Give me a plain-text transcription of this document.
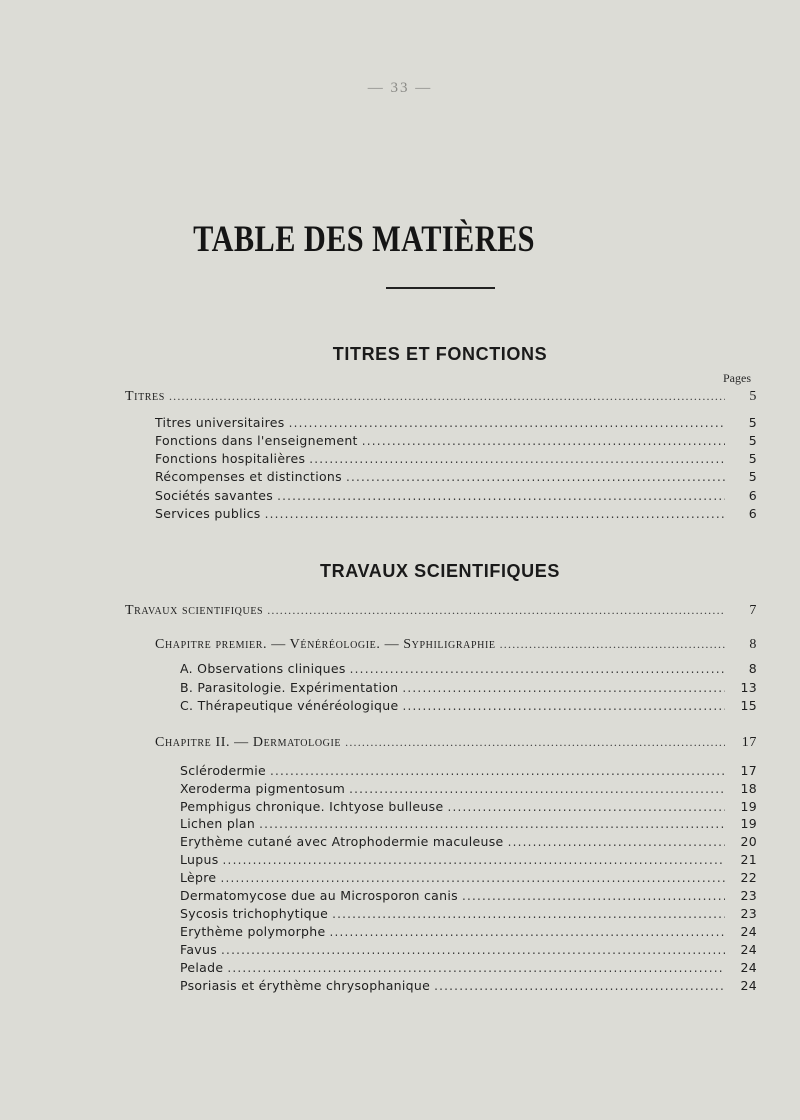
— 33 —
TABLE DES MATIÈRES
TITRES ET FONCTIONS
Pages
Titres .....	5
Titres universitaires .....	5
Fonctions dans l'enseignement .....	5
Fonctions hospitalières .....	5
Récompenses et distinctions .....	5
Sociétés savantes .....	6
Services publics .....	6
TRAVAUX SCIENTIFIQUES
Travaux scientifiques .....	7
Chapitre premier. — Vénéréologie. — Syphiligraphie .....	8
A. Observations cliniques .....	8
B. Parasitologie. Expérimentation .....	13
C. Thérapeutique vénéréologique .....	15
Chapitre II. — Dermatologie .....	17
Sclérodermie .....	17
Xeroderma pigmentosum .....	18
Pemphigus chronique. Ichtyose bulleuse .....	19
Lichen plan .....	19
Erythème cutané avec Atrophodermie maculeuse .....	20
Lupus .....	21
Lèpre .....	22
Dermatomycose due au Microsporon canis .....	23
Sycosis trichophytique .....	23
Erythème polymorphe .....	24
Favus .....	24
Pelade .....	24
Psoriasis et érythème chrysophanique .....	24
